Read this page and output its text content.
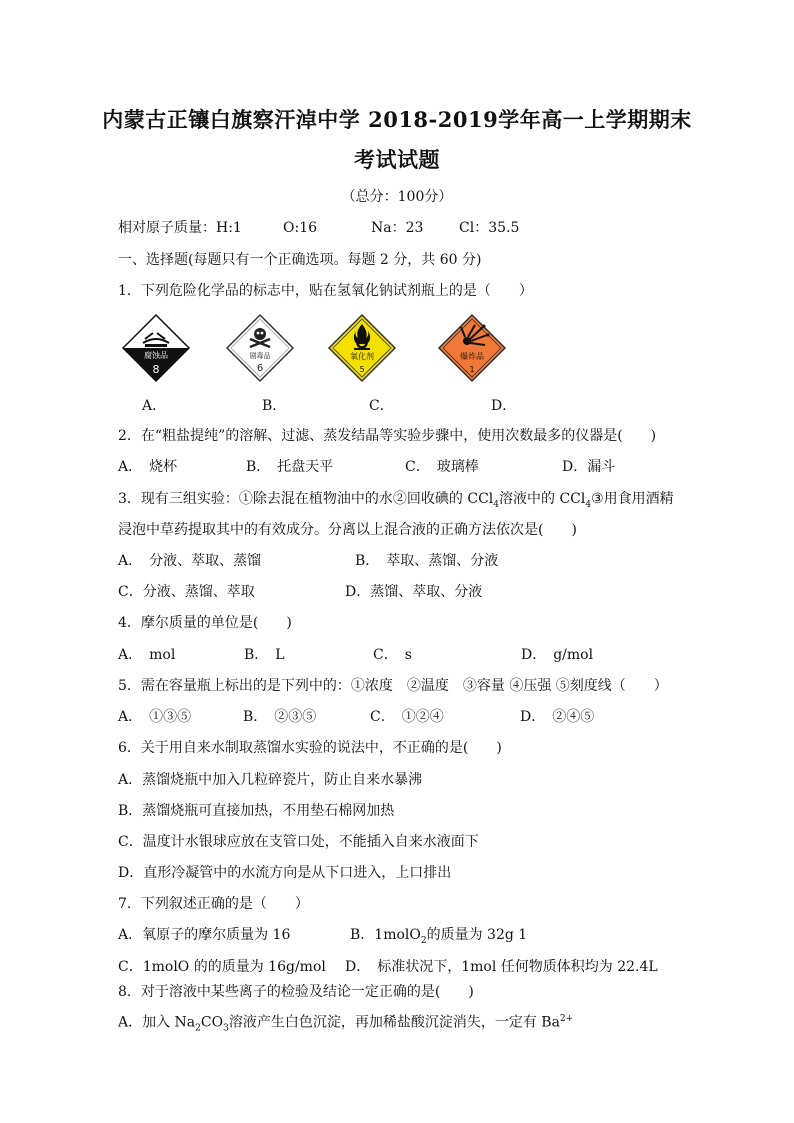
内蒙古正镶白旗察汗淖中学 2018-2019学年高一上学期期末
考试试题
（总分：100分）
相对原子质量：H:1	O:16	Na：23	Cl：35.5
一、选择题(每题只有一个正确选项。每题 2 分，共 60 分)
1．下列危险化学品的标志中，贴在氢氧化钠试剂瓶上的是（　　）
腐蚀品
8
剧毒品
6
氧化剂
5
爆炸品
1
A．	B．	C．	D．
2．在“粗盐提纯”的溶解、过滤、蒸发结晶等实验步骤中，使用次数最多的仪器是(　　)
A．　烧杯	B．　托盘天平	C．　玻璃棒	D．漏斗
3．现有三组实验：①除去混在植物油中的水②回收碘的 CCl$_4$溶液中的 CCl$_4$③用食用酒精
浸泡中草药提取其中的有效成分。分离以上混合液的正确方法依次是(　　)
A．　分液、萃取、蒸馏	B．　萃取、蒸馏、分液
C．分液、蒸馏、萃取	D．蒸馏、萃取、分液
4．摩尔质量的单位是(　　)
A．　mol	B．　L	C．　s	D．　g/mol
5．需在容量瓶上标出的是下列中的：①浓度　②温度　③容量 ④压强 ⑤刻度线（　　）
A．　①③⑤	B．　②③⑤	C．　①②④	D．　②④⑤
6．关于用自来水制取蒸馏水实验的说法中，不正确的是(　　)
A．蒸馏烧瓶中加入几粒碎瓷片，防止自来水暴沸
B．蒸馏烧瓶可直接加热，不用垫石棉网加热
C．温度计水银球应放在支管口处，不能插入自来水液面下
D．直形冷凝管中的水流方向是从下口进入，上口排出
7．下列叙述正确的是（　　）
A．氧原子的摩尔质量为 16	B．1molO$_2$的质量为 32g 1
C．1molO 的的质量为 16g/mol D．　标准状况下，1mol 任何物质体积均为 22.4L
8．对于溶液中某些离子的检验及结论一定正确的是(　　)
A．加入 $Na_2CO_3$溶液产生白色沉淀，再加稀盐酸沉淀消失，一定有 $Ba^{2+}$
